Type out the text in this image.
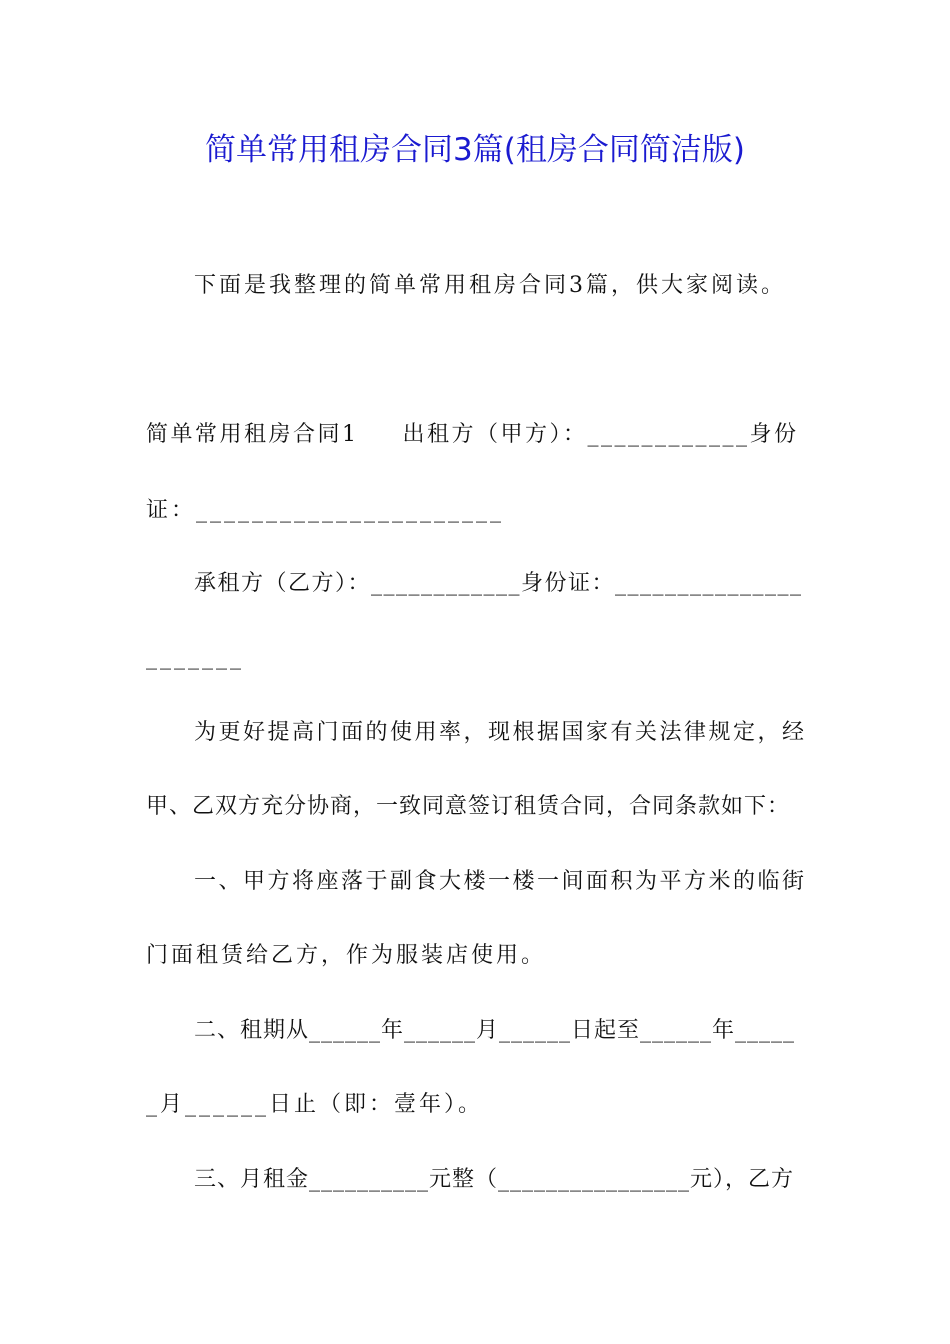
简单常用租房合同3篇(租房合同简洁版)
下面是我整理的简单常用租房合同3篇，供大家阅读。
简单常用租房合同1 出租方（甲方）：____________身份
证：______________________
承租方（乙方）：____________身份证：_______________
_______
为更好提高门面的使用率，现根据国家有关法律规定，经
甲、乙双方充分协商，一致同意签订租赁合同，合同条款如下：
一、甲方将座落于副食大楼一楼一间面积为平方米的临街
门面租赁给乙方，作为服装店使用。
二、租期从______年______月______日起至______年_____
_月______日止（即：壹年）。
三、月租金__________元整（________________元），乙方
